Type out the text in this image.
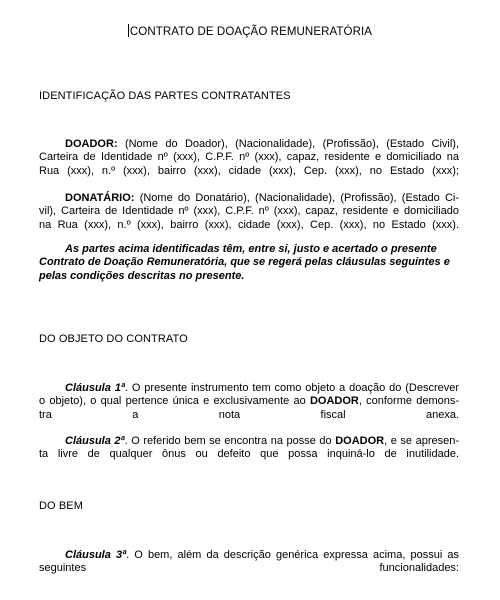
CONTRATO DE DOAÇÃO REMUNERATÓRIA
IDENTIFICAÇÃO DAS PARTES CONTRATANTES
DOADOR: (Nome do Doador), (Nacionalidade), (Profissão), (Estado Civil),
Carteira de Identidade nº (xxx), C.P.F. nº (xxx), capaz, residente e domiciliado na
Rua (xxx), n.º (xxx), bairro (xxx), cidade (xxx), Cep. (xxx), no Estado (xxx);
DONATÁRIO: (Nome do Donatário), (Nacionalidade), (Profissão), (Estado Ci-
vil), Carteira de Identidade nº (xxx), C.P.F. nº (xxx), capaz, residente e domiciliado
na Rua (xxx), n.º (xxx), bairro (xxx), cidade (xxx), Cep. (xxx), no Estado (xxx).
As partes acima identificadas têm, entre si, justo e acertado o presente
Contrato de Doação Remuneratória, que se regerá pelas cláusulas seguintes e
pelas condições descritas no presente.
DO OBJETO DO CONTRATO
Cláusula 1ª. O presente instrumento tem como objeto a doação do (Descrever
o objeto), o qual pertence única e exclusivamente ao DOADOR, conforme demons-
tra a nota fiscal anexa.
Cláusula 2ª. O referido bem se encontra na posse do DOADOR, e se apresen-
ta livre de qualquer ônus ou defeito que possa inquiná-lo de inutilidade.
DO BEM
Cláusula 3ª. O bem, além da descrição genérica expressa acima, possui as
seguintes funcionalidades:
